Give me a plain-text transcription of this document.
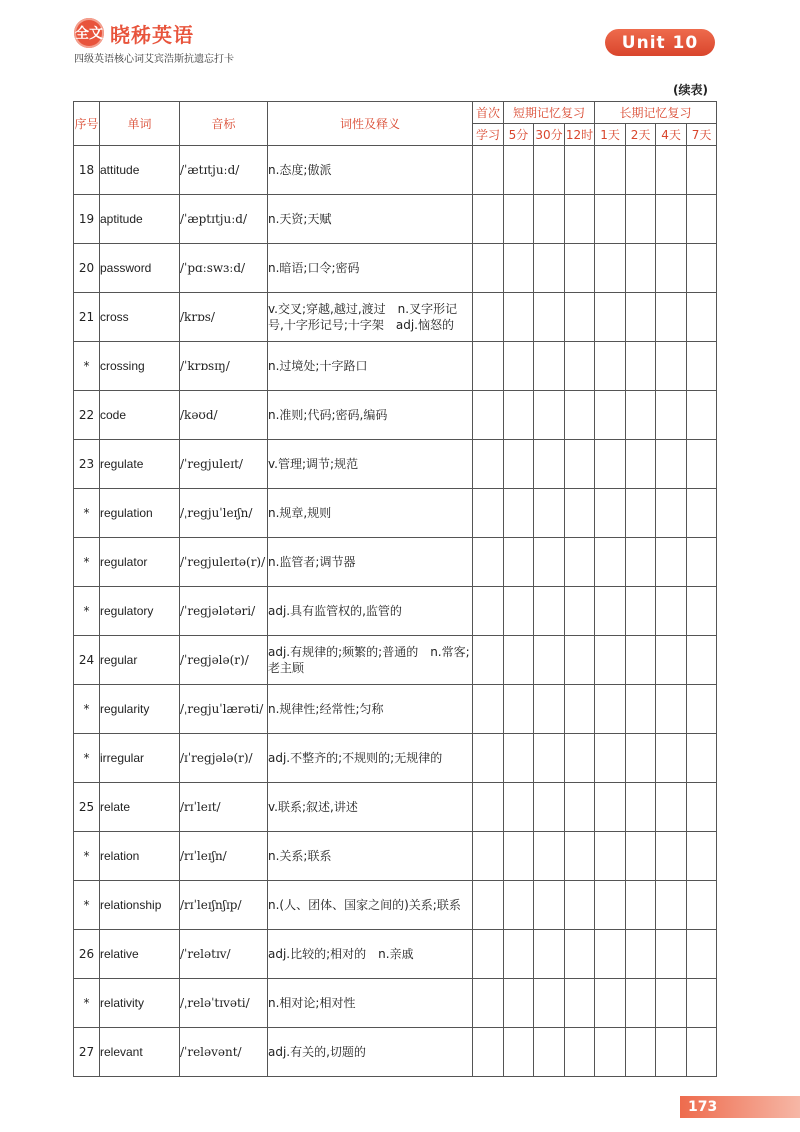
全文 晓秭英语
四级英语核心词艾宾浩斯抗遗忘打卡
Unit 10
(续表)
序号	单词	音标	词性及释义	首次	短期记忆复习			长期记忆复习			
				学习	5分	30分	12时	1天	2天	4天	7天
18	attitude	/ˈætɪtjuːd/	n.态度;傲派								
19	aptitude	/ˈæptɪtjuːd/	n.天资;天赋								
20	password	/ˈpɑːswɜːd/	n.暗语;口令;密码								
21	cross	/krɒs/	v.交叉;穿越,越过,渡过　n.叉字形记号,十字形记号;十字架　adj.恼怒的								
*	crossing	/ˈkrɒsɪŋ/	n.过境处;十字路口								
22	code	/kəʊd/	n.准则;代码;密码,编码								
23	regulate	/ˈregjuleɪt/	v.管理;调节;规范								
*	regulation	/ˌregjuˈleɪʃn/	n.规章,规则								
*	regulator	/ˈregjuleɪtə(r)/	n.监管者;调节器								
*	regulatory	/ˈregjələtəri/	adj.具有监管权的,监管的								
24	regular	/ˈregjələ(r)/	adj.有规律的;频繁的;普通的　n.常客;老主顾								
*	regularity	/ˌregjuˈlærəti/	n.规律性;经常性;匀称								
*	irregular	/ɪˈregjələ(r)/	adj.不整齐的;不规则的;无规律的								
25	relate	/rɪˈleɪt/	v.联系;叙述,讲述								
*	relation	/rɪˈleɪʃn/	n.关系;联系								
*	relationship	/rɪˈleɪʃnʃɪp/	n.(人、团体、国家之间的)关系;联系								
26	relative	/ˈrelətɪv/	adj.比较的;相对的　n.亲戚								
*	relativity	/ˌreləˈtɪvəti/	n.相对论;相对性								
27	relevant	/ˈreləvənt/	adj.有关的,切题的								
173
